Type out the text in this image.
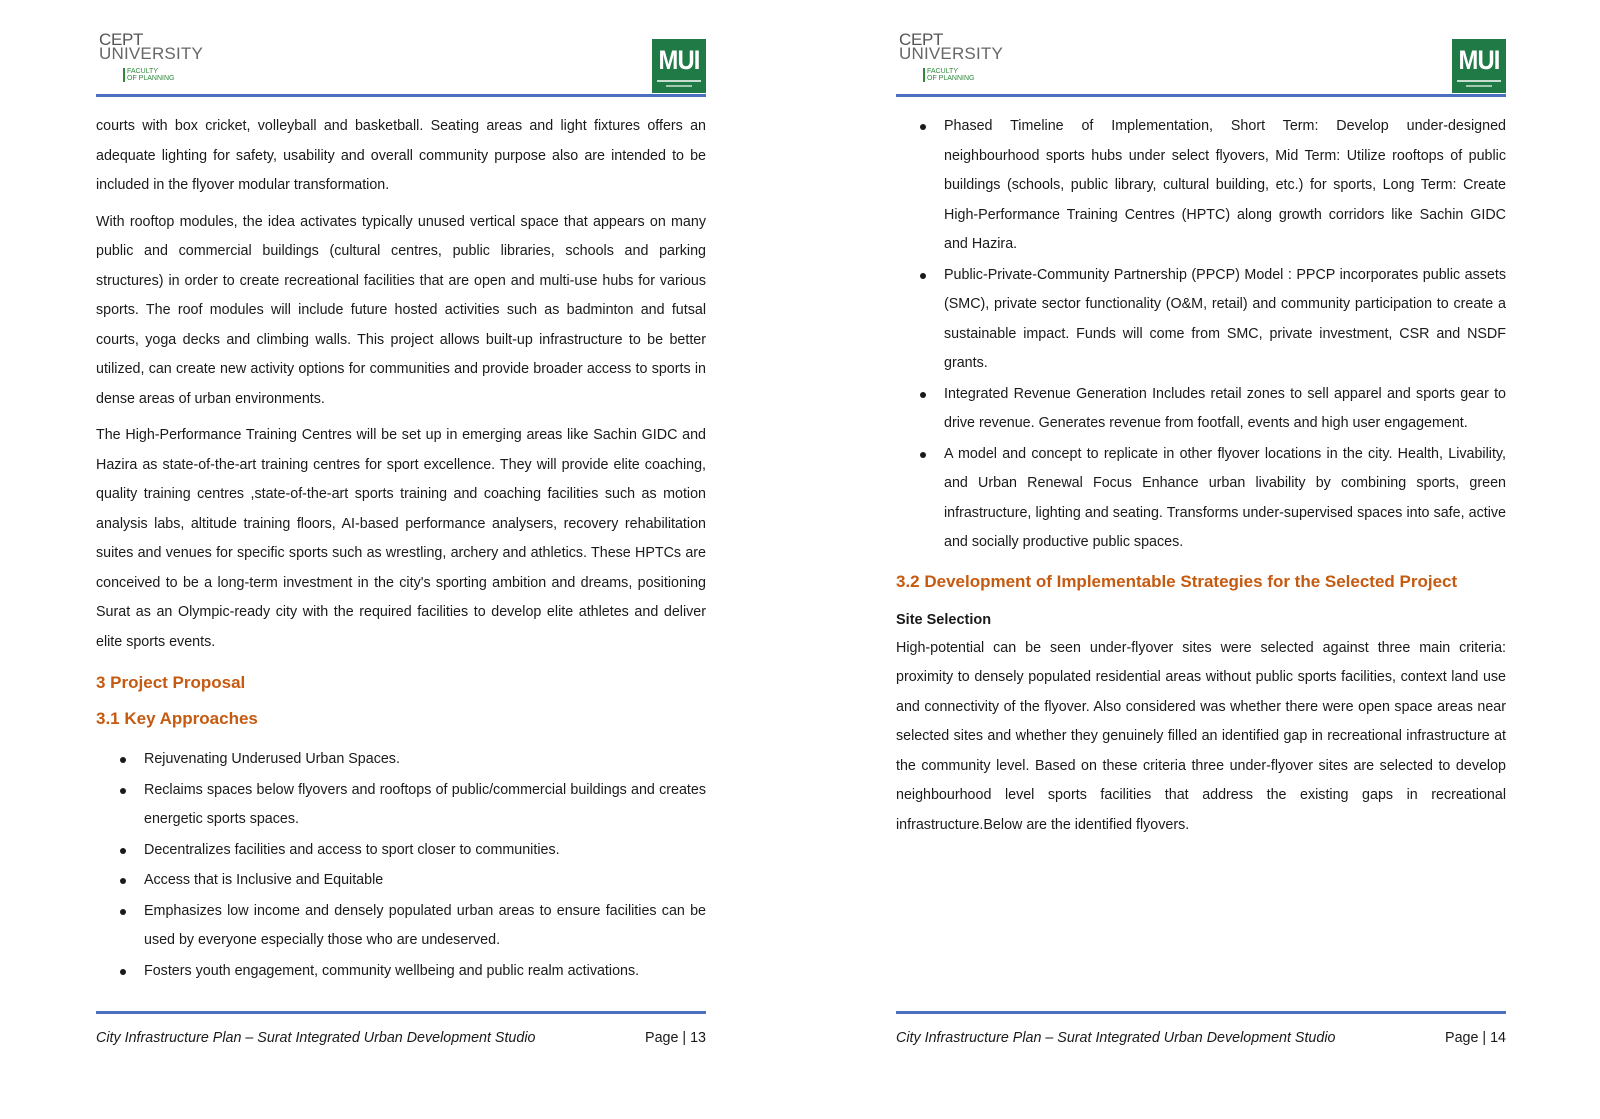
CEPT
UNIVERSITY
FACULTY
OF PLANNING
MUI

courts with box cricket, volleyball and basketball. Seating areas and light fixtures offers an adequate lighting for safety, usability and overall community purpose also are intended to be included in the flyover modular transformation.

With rooftop modules, the idea activates typically unused vertical space that appears on many public and commercial buildings (cultural centres, public libraries, schools and parking structures) in order to create recreational facilities that are open and multi-use hubs for various sports. The roof modules will include future hosted activities such as badminton and futsal courts, yoga decks and climbing walls. This project allows built-up infrastructure to be better utilized, can create new activity options for communities and provide broader access to sports in dense areas of urban environments.

The High-Performance Training Centres will be set up in emerging areas like Sachin GIDC and Hazira as state-of-the-art training centres for sport excellence. They will provide elite coaching, quality training centres ,state-of-the-art sports training and coaching facilities such as motion analysis labs, altitude training floors, AI-based performance analysers, recovery rehabilitation suites and venues for specific sports such as wrestling, archery and athletics. These HPTCs are conceived to be a long-term investment in the city's sporting ambition and dreams, positioning Surat as an Olympic-ready city with the required facilities to develop elite athletes and deliver elite sports events.

3 Project Proposal
3.1 Key Approaches
Rejuvenating Underused Urban Spaces.
Reclaims spaces below flyovers and rooftops of public/commercial buildings and creates energetic sports spaces.
Decentralizes facilities and access to sport closer to communities.
Access that is Inclusive and Equitable
Emphasizes low income and densely populated urban areas to ensure facilities can be used by everyone especially those who are undeserved.
Fosters youth engagement, community wellbeing and public realm activations.
City Infrastructure Plan – Surat Integrated Urban Development Studio	Page | 13
CEPT
UNIVERSITY
FACULTY
OF PLANNING
MUI
Phased Timeline of Implementation, Short Term: Develop under-designed neighbourhood sports hubs under select flyovers, Mid Term: Utilize rooftops of public buildings (schools, public library, cultural building, etc.) for sports, Long Term: Create High-Performance Training Centres (HPTC) along growth corridors like Sachin GIDC and Hazira.
Public-Private-Community Partnership (PPCP) Model : PPCP incorporates public assets (SMC), private sector functionality (O&M, retail) and community participation to create a sustainable impact. Funds will come from SMC, private investment, CSR and NSDF grants.
Integrated Revenue Generation Includes retail zones to sell apparel and sports gear to drive revenue. Generates revenue from footfall, events and high user engagement.
A model and concept to replicate in other flyover locations in the city. Health, Livability, and Urban Renewal Focus Enhance urban livability by combining sports, green infrastructure, lighting and seating. Transforms under-supervised spaces into safe, active and socially productive public spaces.
3.2 Development of Implementable Strategies for the Selected Project
Site Selection

High-potential can be seen under-flyover sites were selected against three main criteria: proximity to densely populated residential areas without public sports facilities, context land use and connectivity of the flyover. Also considered was whether there were open space areas near selected sites and whether they genuinely filled an identified gap in recreational infrastructure at the community level. Based on these criteria three under-flyover sites are selected to develop neighbourhood level sports facilities that address the existing gaps in recreational infrastructure.Below are the identified flyovers.

City Infrastructure Plan – Surat Integrated Urban Development Studio	Page | 14
